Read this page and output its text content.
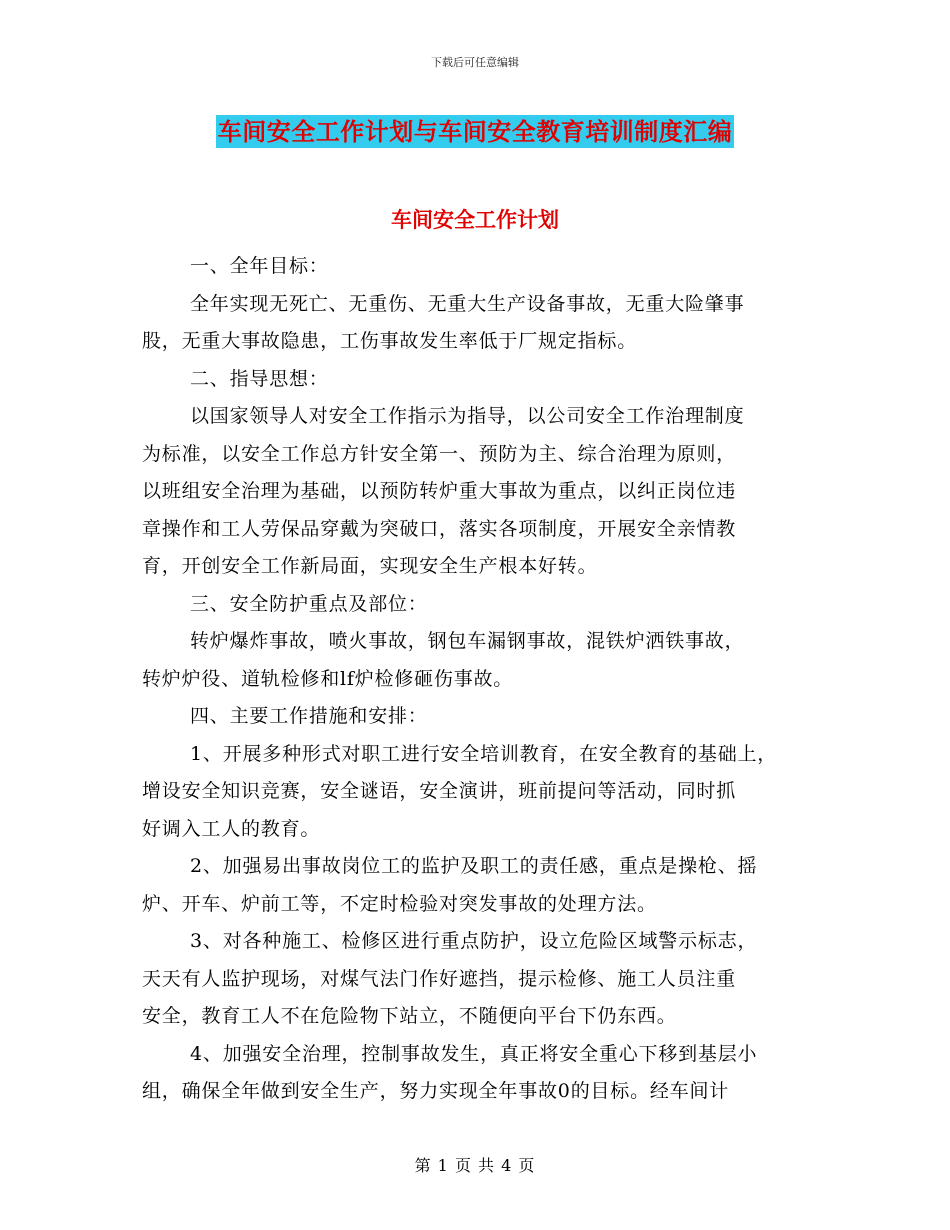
下载后可任意编辑
车间安全工作计划与车间安全教育培训制度汇编
车间安全工作计划
一、全年目标：
全年实现无死亡、无重伤、无重大生产设备事故，无重大险肇事
股，无重大事故隐患，工伤事故发生率低于厂规定指标。
二、指导思想：
以国家领导人对安全工作指示为指导，以公司安全工作治理制度
为标准，以安全工作总方针安全第一、预防为主、综合治理为原则，
以班组安全治理为基础，以预防转炉重大事故为重点，以纠正岗位违
章操作和工人劳保品穿戴为突破口，落实各项制度，开展安全亲情教
育，开创安全工作新局面，实现安全生产根本好转。
三、安全防护重点及部位：
转炉爆炸事故，喷火事故，钢包车漏钢事故，混铁炉洒铁事故，
转炉炉役、道轨检修和lf炉检修砸伤事故。
四、主要工作措施和安排：
1、开展多种形式对职工进行安全培训教育，在安全教育的基础上，
增设安全知识竞赛，安全谜语，安全演讲，班前提问等活动，同时抓
好调入工人的教育。
2、加强易出事故岗位工的监护及职工的责任感，重点是操枪、摇
炉、开车、炉前工等，不定时检验对突发事故的处理方法。
3、对各种施工、检修区进行重点防护，设立危险区域警示标志，
天天有人监护现场，对煤气法门作好遮挡，提示检修、施工人员注重
安全，教育工人不在危险物下站立，不随便向平台下仍东西。
4、加强安全治理，控制事故发生，真正将安全重心下移到基层小
组，确保全年做到安全生产，努力实现全年事故0的目标。经车间计
第 1 页 共 4 页
